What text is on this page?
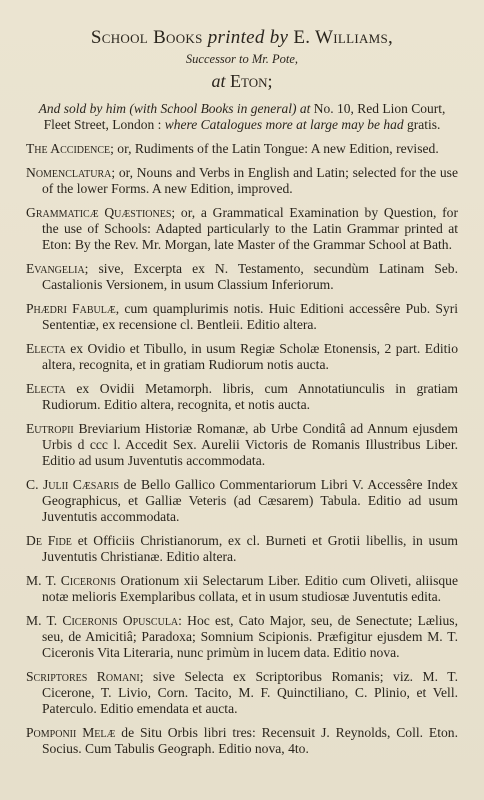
School Books printed by E. Williams,
Successor to Mr. Pote,
at Eton;
And sold by him (with School Books in general) at No. 10, Red Lion Court, Fleet Street, London : where Catalogues more at large may be had gratis.
The Accidence; or, Rudiments of the Latin Tongue: A new Edition, revised.
Nomenclatura; or, Nouns and Verbs in English and Latin; selected for the use of the lower Forms. A new Edition, improved.
Grammaticæ Quæstiones; or, a Grammatical Examination by Question, for the use of Schools: Adapted particularly to the Latin Grammar printed at Eton: By the Rev. Mr. Morgan, late Master of the Grammar School at Bath.
Evangelia; sive, Excerpta ex N. Testamento, secundùm Latinam Seb. Castalionis Versionem, in usum Classium Inferiorum.
Phædri Fabulæ, cum quamplurimis notis. Huic Editioni accessêre Pub. Syri Sententiæ, ex recensione cl. Bentleii. Editio altera.
Electa ex Ovidio et Tibullo, in usum Regiæ Scholæ Etonensis, 2 part. Editio altera, recognita, et in gratiam Rudiorum notis aucta.
Electa ex Ovidii Metamorph. libris, cum Annotatiunculis in gratiam Rudiorum. Editio altera, recognita, et notis aucta.
Eutropii Breviarium Historiæ Romanæ, ab Urbe Conditâ ad Annum ejusdem Urbis d ccc l. Accedit Sex. Aurelii Victoris de Romanis Illustribus Liber. Editio ad usum Juventutis accommodata.
C. Julii Cæsaris de Bello Gallico Commentariorum Libri V. Accessêre Index Geographicus, et Galliæ Veteris (ad Cæsarem) Tabula. Editio ad usum Juventutis accommodata.
De Fide et Officiis Christianorum, ex cl. Burneti et Grotii libellis, in usum Juventutis Christianæ. Editio altera.
M. T. Ciceronis Orationum xii Selectarum Liber. Editio cum Oliveti, aliisque notæ melioris Exemplaribus collata, et in usum studiosæ Juventutis edita.
M. T. Ciceronis Opuscula: Hoc est, Cato Major, seu, de Senectute; Lælius, seu, de Amicitiâ; Paradoxa; Somnium Scipionis. Præfigitur ejusdem M. T. Ciceronis Vita Literaria, nunc primùm in lucem data. Editio nova.
Scriptores Romani; sive Selecta ex Scriptoribus Romanis; viz. M. T. Cicerone, T. Livio, Corn. Tacito, M. F. Quinctiliano, C. Plinio, et Vell. Paterculo. Editio emendata et aucta.
Pomponii Melæ de Situ Orbis libri tres: Recensuit J. Reynolds, Coll. Eton. Socius. Cum Tabulis Geograph. Editio nova, 4to.
